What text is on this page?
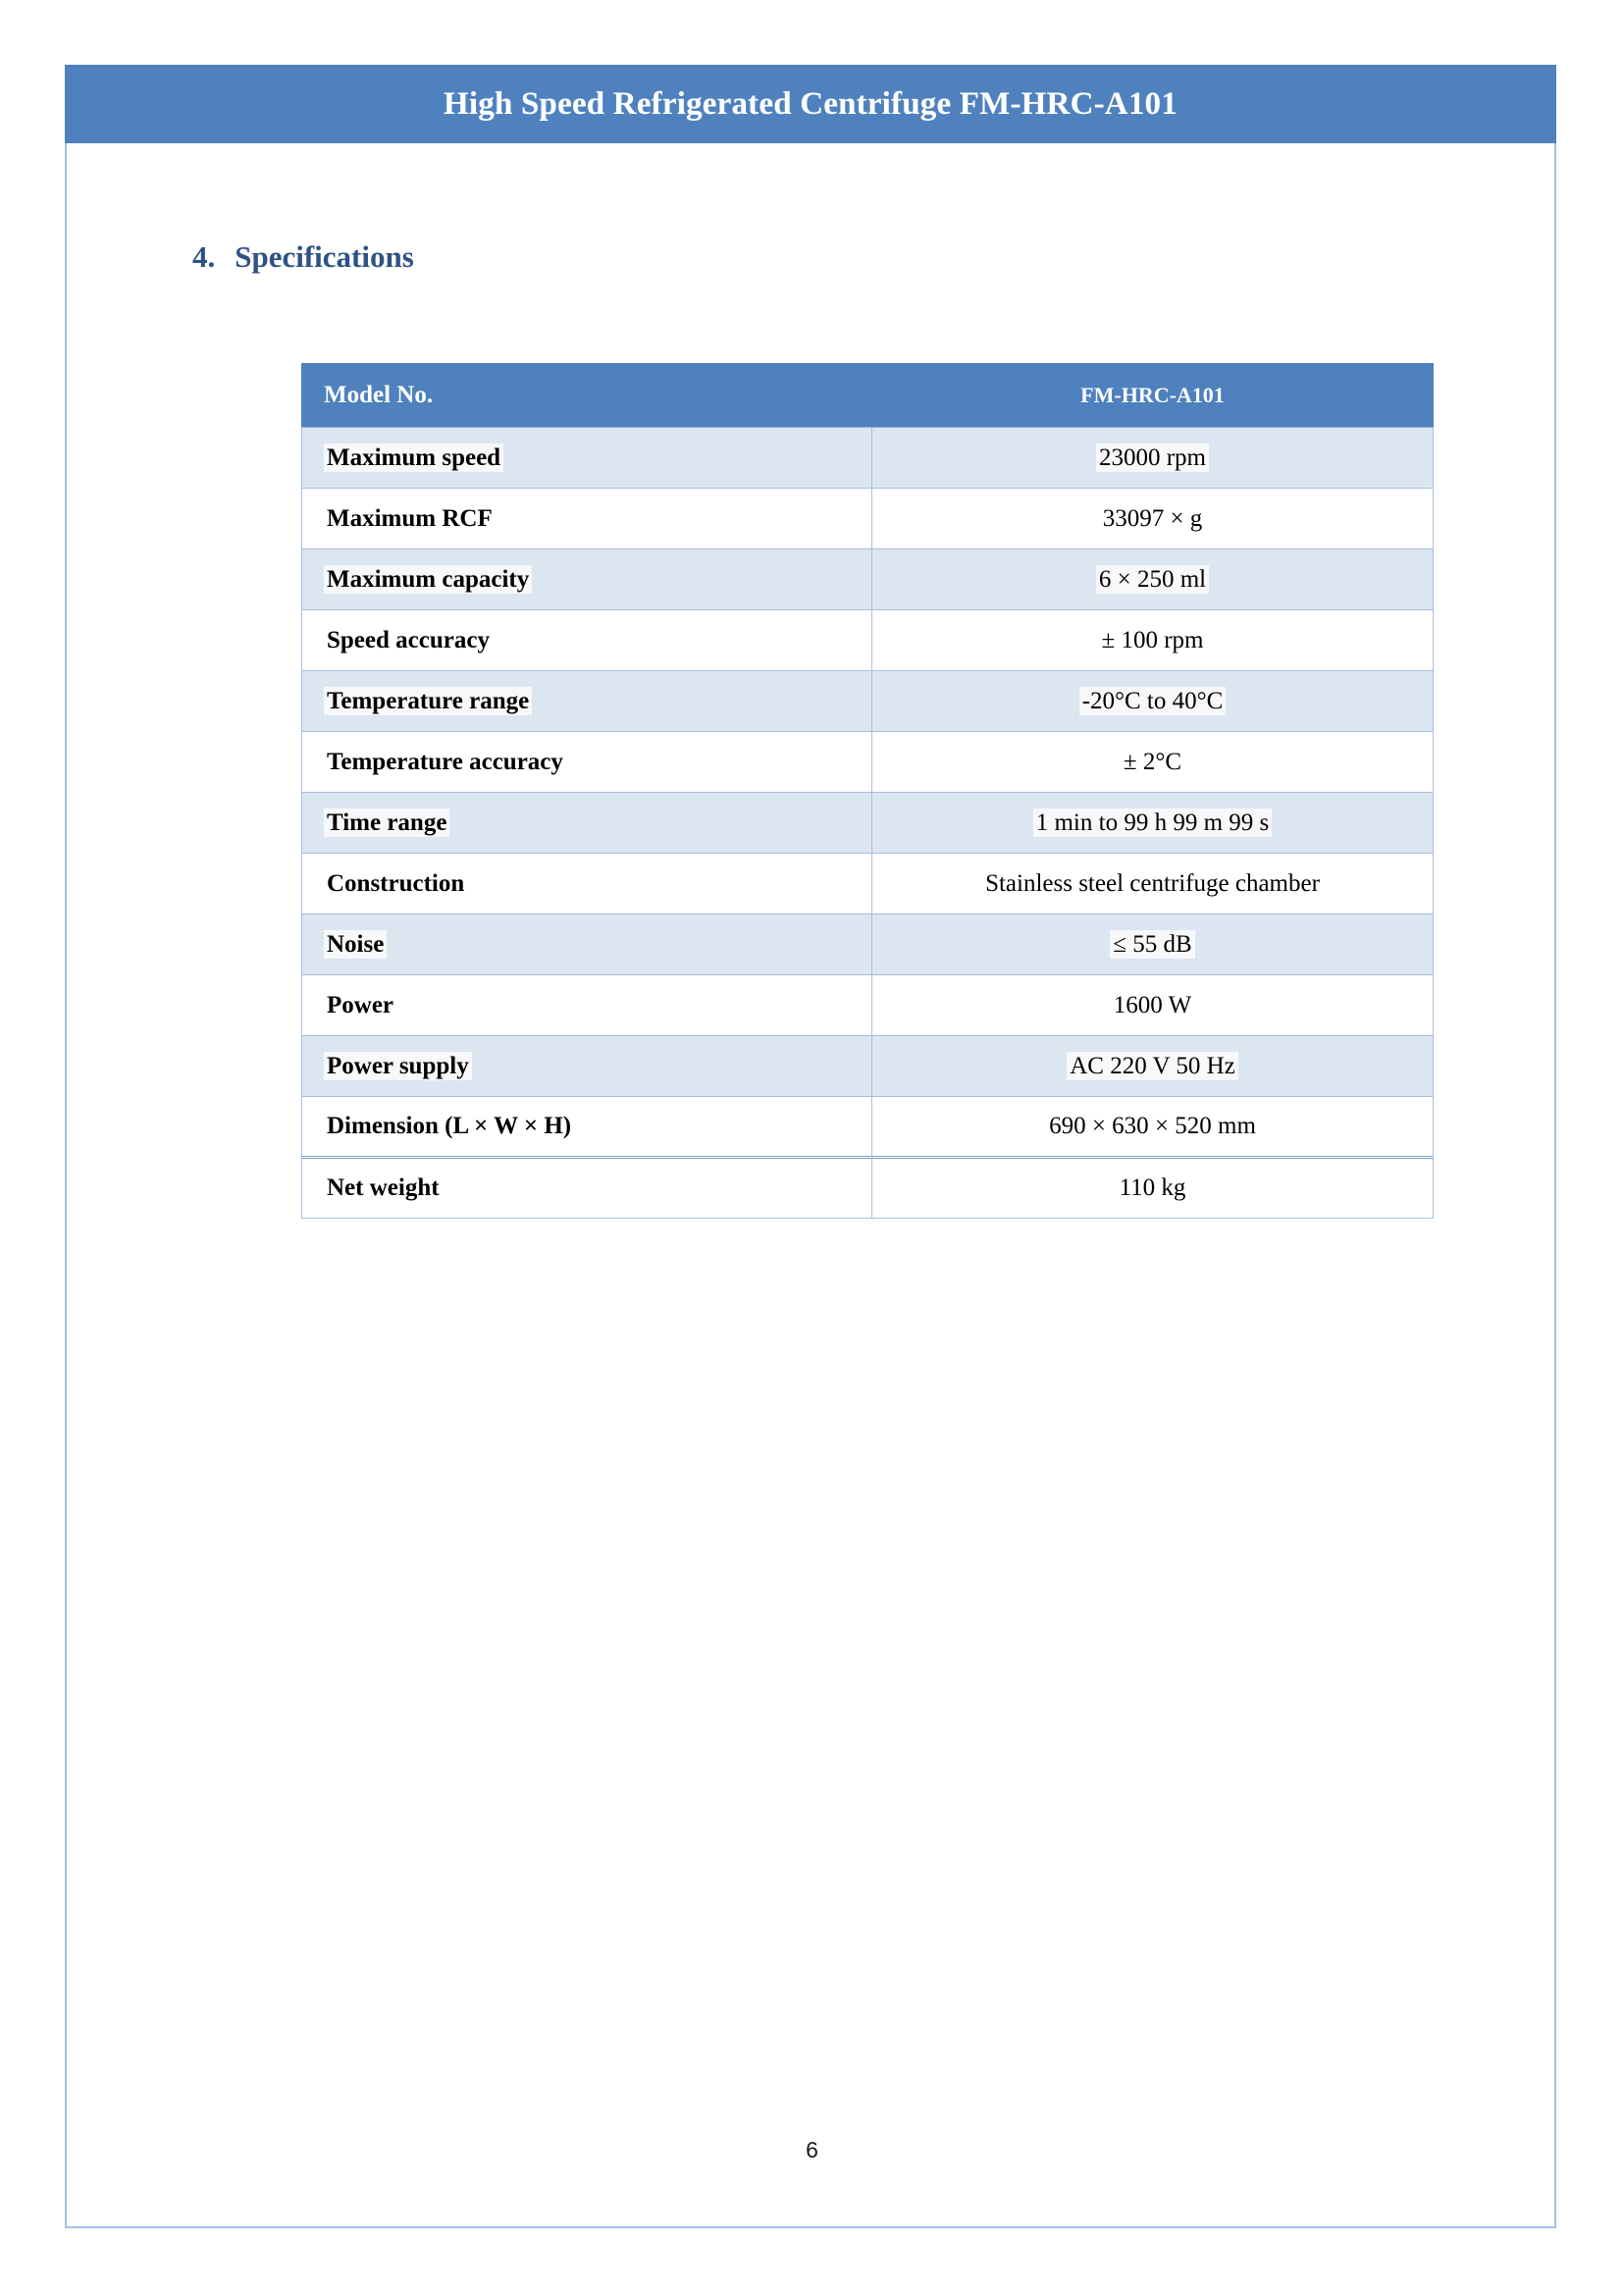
High Speed Refrigerated Centrifuge FM-HRC-A101
4. Specifications
Model No.	FM-HRC-A101
Maximum speed	23000 rpm
Maximum RCF	33097 × g
Maximum capacity	6 × 250 ml
Speed accuracy	± 100 rpm
Temperature range	-20°C to 40°C
Temperature accuracy	± 2°C
Time range	1 min to 99 h 99 m 99 s
Construction	Stainless steel centrifuge chamber
Noise	≤ 55 dB
Power	1600 W
Power supply	AC 220 V 50 Hz
Dimension (L × W × H)	690 × 630 × 520 mm
Net weight	110 kg
6
